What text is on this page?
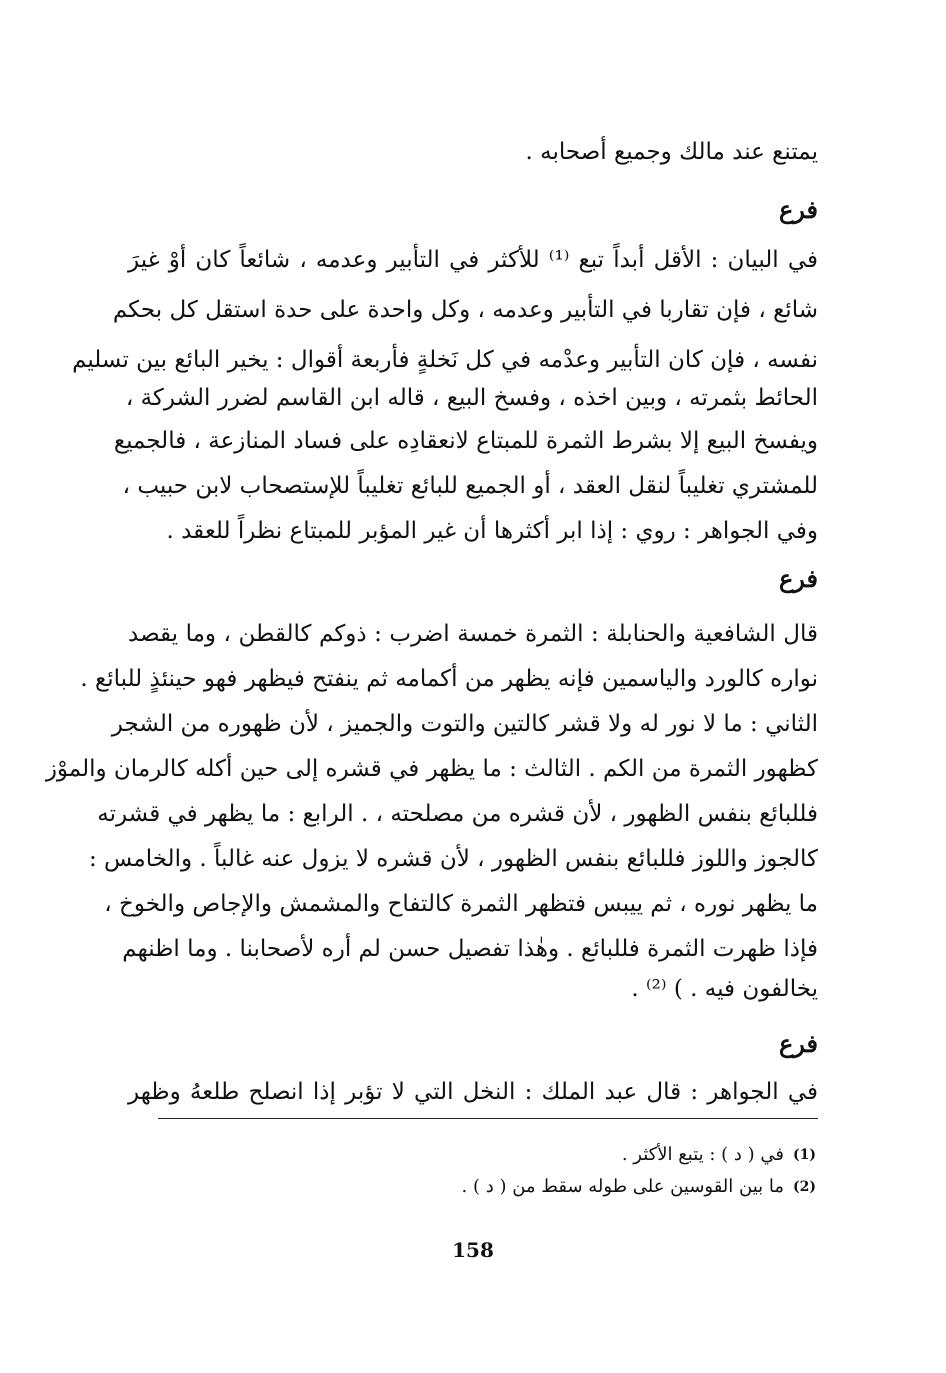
يمتنع عند مالك وجميع أصحابه .
فرع
في البيان : الأقل أبداً تبع ⁽¹⁾ للأكثر في التأبير وعدمه ، شائعاً كان أوْ غيرَ
شائع ، فإن تقاربا في التأبير وعدمه ، وكل واحدة على حدة استقل كل بحكم
نفسه ، فإن كان التأبير وعدْمه في كل نَخلةٍ فأربعة أقوال : يخير البائع بين تسليم
الحائط بثمرته ، وبين اخذه ، وفسخ البيع ، قاله ابن القاسم لضرر الشركة ،
ويفسخ البيع إلا بشرط الثمرة للمبتاع لانعقادِه على فساد المنازعة ، فالجميع
للمشتري تغليباً لنقل العقد ، أو الجميع للبائع تغليباً للإستصحاب لابن حبيب ،
وفي الجواهر : روي : إذا ابر أكثرها أن غير المؤبر للمبتاع نظراً للعقد .
فرع
قال الشافعية والحنابلة : الثمرة خمسة اضرب : ذوكم كالقطن ، وما يقصد
نواره كالورد والياسمين فإنه يظهر من أكمامه ثم ينفتح فيظهر فهو حينئذٍ للبائع .
الثاني : ما لا نور له ولا قشر كالتين والتوت والجميز ، لأن ظهوره من الشجر
كظهور الثمرة من الكم . الثالث : ما يظهر في قشره إلى حين أكله كالرمان والموْز
فللبائع بنفس الظهور ، لأن قشره من مصلحته ، . الرابع : ما يظهر في قشرته
كالجوز واللوز فللبائع بنفس الظهور ، لأن قشره لا يزول عنه غالباً . والخامس :
ما يظهر نوره ، ثم ييبس فتظهر الثمرة كالتفاح والمشمش والإجاص والخوخ ،
فإذا ظهرت الثمرة فللبائع . وهٰذا تفصيل حسن لم أره لأصحابنا . وما اظنهم
يخالفون فيه . ) ⁽²⁾ .
فرع
في الجواهر : قال عبد الملك : النخل التي لا تؤبر إذا انصلح طلعهُ وظهر
(1)
في ( د ) : يتبع الأكثر .
(2)
ما بين القوسين على طوله سقط من ( د ) .
158
